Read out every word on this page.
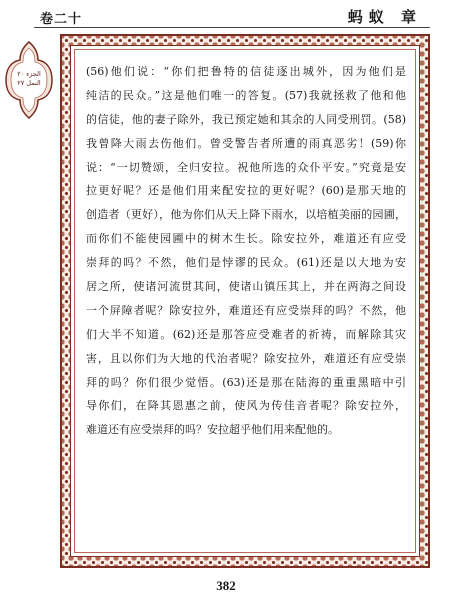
卷二十	蚂蚁 章
الجزء ٢٠
النمل ٢٧
(56)他们说：“你们把鲁特的信徒逐出城外，因为他们是
纯洁的民众。”这是他们唯一的答复。(57)我就拯救了他和他
的信徒，他的妻子除外，我已预定她和其余的人同受刑罚。(58)
我曾降大雨去伤他们。曾受警告者所遭的雨真恶劣！(59)你
说：“一切赞颂，全归安拉。祝他所选的众仆平安。”究竟是安
拉更好呢？还是他们用来配安拉的更好呢？(60)是那天地的
创造者（更好），他为你们从天上降下雨水，以培植美丽的园圃，
而你们不能使园圃中的树木生长。除安拉外，难道还有应受
崇拜的吗？不然，他们是悖谬的民众。(61)还是以大地为安
居之所，使诸河流贯其间，使诸山镇压其上，并在两海之间设
一个屏障者呢？除安拉外，难道还有应受崇拜的吗？不然，他
们大半不知道。(62)还是那答应受难者的祈祷，而解除其灾
害，且以你们为大地的代治者呢？除安拉外，难道还有应受崇
拜的吗？你们很少觉悟。(63)还是那在陆海的重重黑暗中引
导你们，在降其恩惠之前，使风为传佳音者呢？除安拉外，
难道还有应受崇拜的吗？安拉超乎他们用来配他的。
382
